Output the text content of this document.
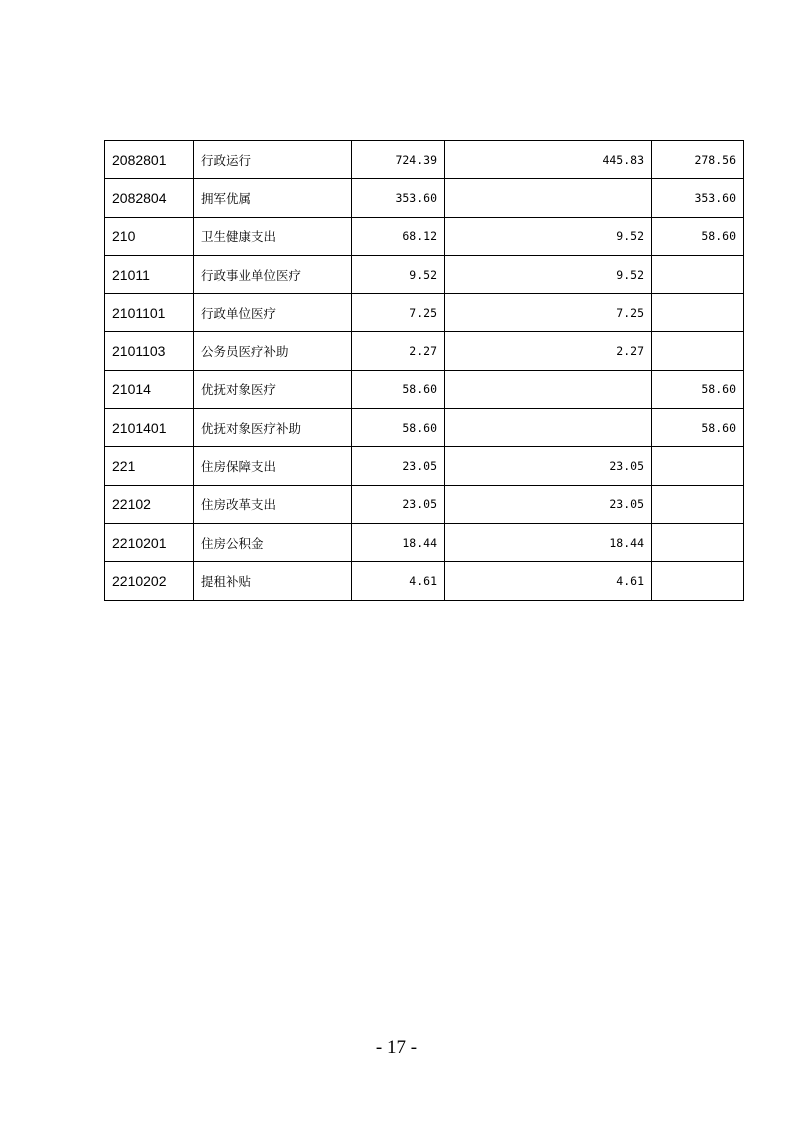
2082801	行政运行	724.39	445.83	278.56
2082804	拥军优属	353.60		353.60
210	卫生健康支出	68.12	9.52	58.60
21011	行政事业单位医疗	9.52	9.52	
2101101	行政单位医疗	7.25	7.25	
2101103	公务员医疗补助	2.27	2.27	
21014	优抚对象医疗	58.60		58.60
2101401	优抚对象医疗补助	58.60		58.60
221	住房保障支出	23.05	23.05	
22102	住房改革支出	23.05	23.05	
2210201	住房公积金	18.44	18.44	
2210202	提租补贴	4.61	4.61	
- 17 -
